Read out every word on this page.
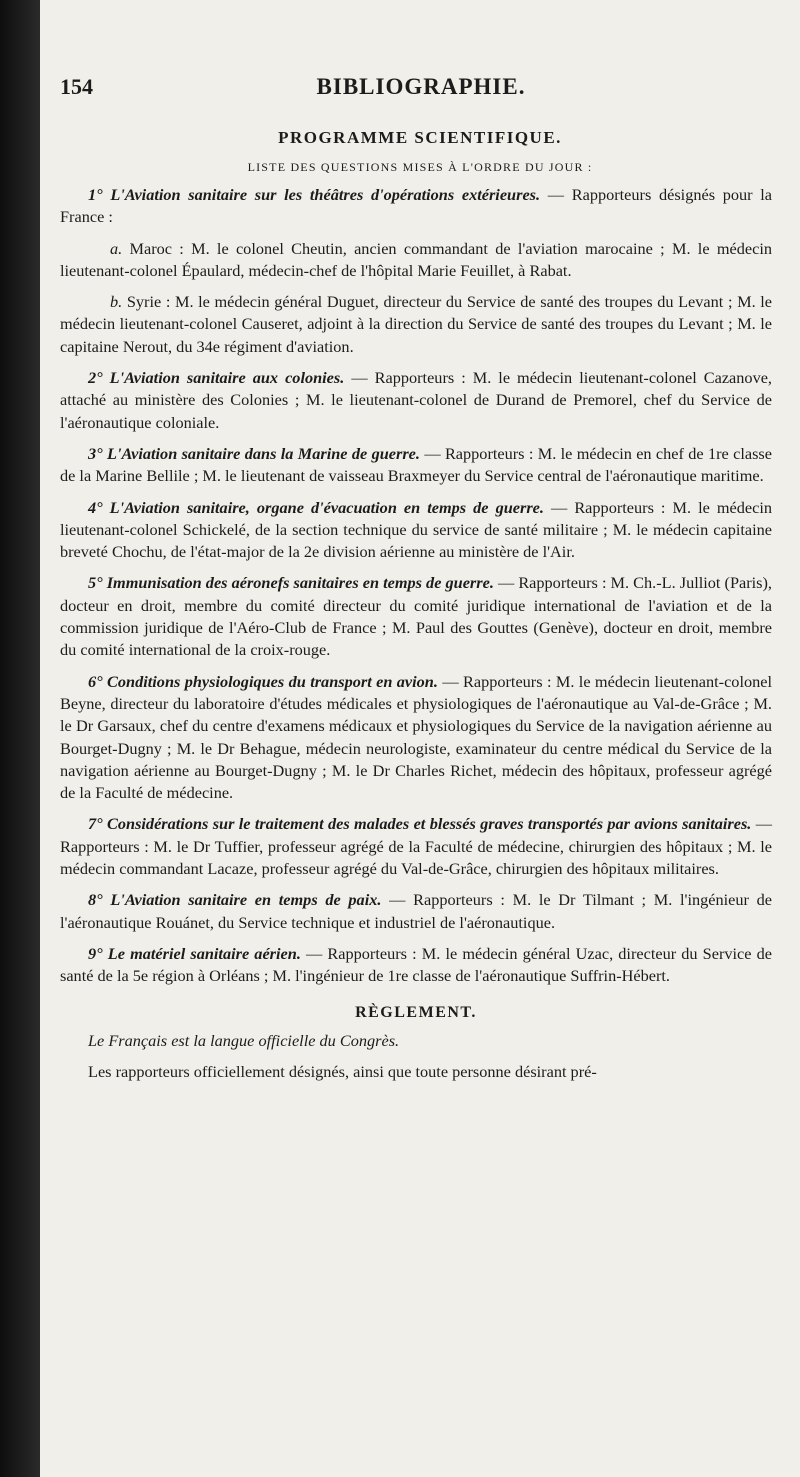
154	BIBLIOGRAPHIE.
PROGRAMME SCIENTIFIQUE.
LISTE DES QUESTIONS MISES À L'ORDRE DU JOUR :

1° L'Aviation sanitaire sur les théâtres d'opérations extérieures. — Rapporteurs désignés pour la France :

a. Maroc : M. le colonel Cheutin, ancien commandant de l'aviation marocaine ; M. le médecin lieutenant-colonel Épaulard, médecin-chef de l'hôpital Marie Feuillet, à Rabat.

b. Syrie : M. le médecin général Duguet, directeur du Service de santé des troupes du Levant ; M. le médecin lieutenant-colonel Causeret, adjoint à la direction du Service de santé des troupes du Levant ; M. le capitaine Nerout, du 34e régiment d'aviation.

2° L'Aviation sanitaire aux colonies. — Rapporteurs : M. le médecin lieutenant-colonel Cazanove, attaché au ministère des Colonies ; M. le lieutenant-colonel de Durand de Premorel, chef du Service de l'aéronautique coloniale.

3° L'Aviation sanitaire dans la Marine de guerre. — Rapporteurs : M. le médecin en chef de 1re classe de la Marine Bellile ; M. le lieutenant de vaisseau Braxmeyer du Service central de l'aéronautique maritime.

4° L'Aviation sanitaire, organe d'évacuation en temps de guerre. — Rapporteurs : M. le médecin lieutenant-colonel Schickelé, de la section technique du service de santé militaire ; M. le médecin capitaine breveté Chochu, de l'état-major de la 2e division aérienne au ministère de l'Air.

5° Immunisation des aéronefs sanitaires en temps de guerre. — Rapporteurs : M. Ch.-L. Julliot (Paris), docteur en droit, membre du comité directeur du comité juridique international de l'aviation et de la commission juridique de l'Aéro-Club de France ; M. Paul des Gouttes (Genève), docteur en droit, membre du comité international de la croix-rouge.

6° Conditions physiologiques du transport en avion. — Rapporteurs : M. le médecin lieutenant-colonel Beyne, directeur du laboratoire d'études médicales et physiologiques de l'aéronautique au Val-de-Grâce ; M. le Dr Garsaux, chef du centre d'examens médicaux et physiologiques du Service de la navigation aérienne au Bourget-Dugny ; M. le Dr Behague, médecin neurologiste, examinateur du centre médical du Service de la navigation aérienne au Bourget-Dugny ; M. le Dr Charles Richet, médecin des hôpitaux, professeur agrégé de la Faculté de médecine.

7° Considérations sur le traitement des malades et blessés graves transportés par avions sanitaires. — Rapporteurs : M. le Dr Tuffier, professeur agrégé de la Faculté de médecine, chirurgien des hôpitaux ; M. le médecin commandant Lacaze, professeur agrégé du Val-de-Grâce, chirurgien des hôpitaux militaires.

8° L'Aviation sanitaire en temps de paix. — Rapporteurs : M. le Dr Tilmant ; M. l'ingénieur de l'aéronautique Rouánet, du Service technique et industriel de l'aéronautique.

9° Le matériel sanitaire aérien. — Rapporteurs : M. le médecin général Uzac, directeur du Service de santé de la 5e région à Orléans ; M. l'ingénieur de 1re classe de l'aéronautique Suffrin-Hébert.

RÈGLEMENT.

Le Français est la langue officielle du Congrès.

Les rapporteurs officiellement désignés, ainsi que toute personne désirant pré-
